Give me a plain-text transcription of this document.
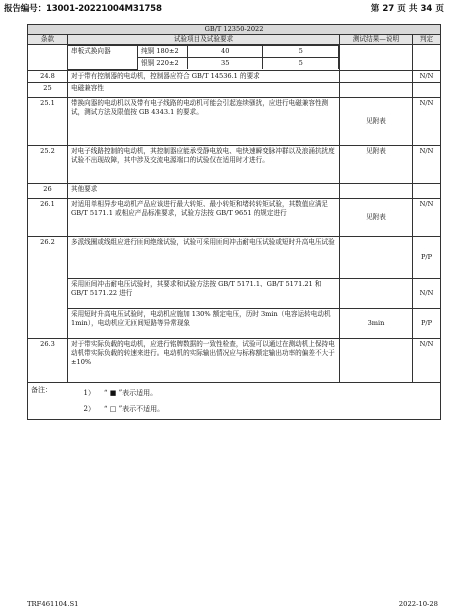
报告编号：13001-20221004M31758	第 27 页 共 34 页
GB/T 12350-2022
条款	试验项目及试验要求	测试结果—说明	判定

串板式换向器	纯铜 180±2	40	5
银铜 220±2	35	5

24.8	对于带有控制器的电动机，控制器应符合 GB/T 14536.1 的要求		N/N
25	电磁兼容性		
25.1	带换向器的电动机以及带有电子线路的电动机可能会引起连续骚扰，应进行电磁兼容性测试，测试方法及限值按 GB 4343.1 的要求。	见附表	N/N
25.2	对电子线路控制的电动机，其控制器应能承受静电放电、电快速瞬变脉冲群以及浪涌抗扰度试验不出现故障，其中涉及交流电源端口的试验仅在适用时才进行。	见附表	N/N
26	其他要求		
26.1	对适用单相异步电动机产品应该进行最大转矩、最小转矩和堵转转矩试验，其数值应满足 GB/T 5171.1 或相应产品标准要求，试验方法按 GB/T 9651 的规定进行	见附表	N/N
26.2	多派线圈或线组应进行匝间绝缘试验，试验可采用匝间冲击耐电压试验或短时升高电压试验		P/P
采用匝间冲击耐电压试验时，其要求和试验方法按 GB/T 5171.1、GB/T 5171.21 和 GB/T 5171.22 进行		N/N
采用短时升高电压试验时，电动机应施加 130% 额定电压，历时 3min（电容运转电动机 1min），电动机应无匝间短路等异常现象	3min	P/P
26.3	对于带实际负载的电动机，应进行铭牌数据的一致性检查，试验可以通过在测动机上保持电动机带实际负载的转速来进行。电动机的实际输出情况应与标称额定输出功率的偏差不大于±10%		N/N
备注：	1） “ ■ ”表示适用。
2） “ □ ”表示不适用。
TRF461104.S1	2022-10-28
